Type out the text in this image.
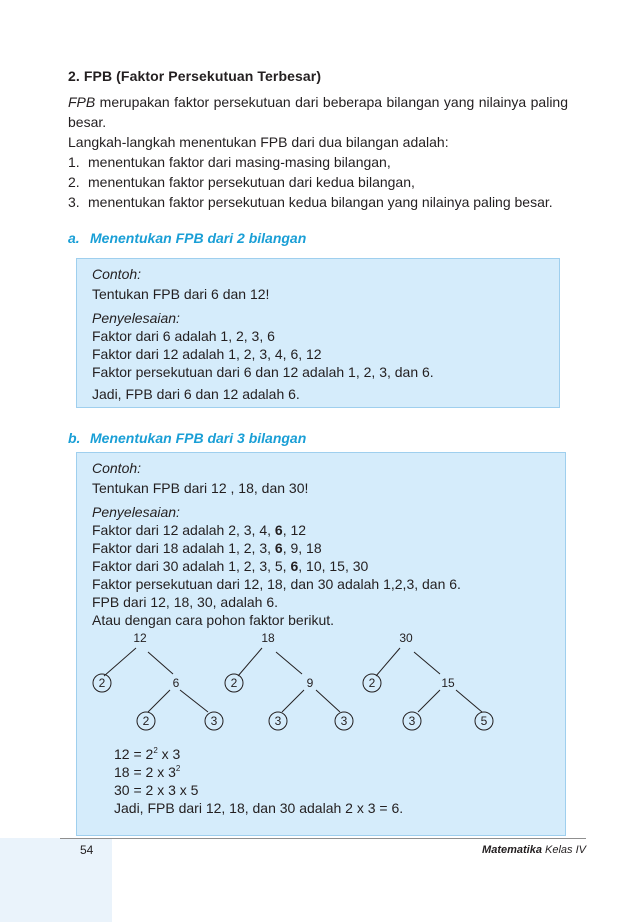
2. FPB (Faktor Persekutuan Terbesar)

FPB merupakan faktor persekutuan dari beberapa bilangan yang nilainya paling besar.

Langkah-langkah menentukan FPB dari dua bilangan adalah:

1. menentukan faktor dari masing-masing bilangan,
2. menentukan faktor persekutuan dari kedua bilangan,
3. menentukan faktor persekutuan kedua bilangan yang nilainya paling besar.
a. Menentukan FPB dari 2 bilangan
Contoh:
Tentukan FPB dari 6 dan 12!
Penyelesaian:
Faktor dari 6 adalah 1, 2, 3, 6
Faktor dari 12 adalah 1, 2, 3, 4, 6, 12
Faktor persekutuan dari 6 dan 12 adalah 1, 2, 3, dan 6.
Jadi, FPB dari 6 dan 12 adalah 6.
b. Menentukan FPB dari 3 bilangan
Contoh:
Tentukan FPB dari 12 , 18, dan 30!
Penyelesaian:
Faktor dari 12 adalah 2, 3, 4, 6, 12
Faktor dari 18 adalah 1, 2, 3, 6, 9, 18
Faktor dari 30 adalah 1, 2, 3, 5, 6, 10, 15, 30
Faktor persekutuan dari 12, 18, dan 30 adalah 1,2,3, dan 6.
FPB dari 12, 18, 30, adalah 6.
Atau dengan cara pohon faktor berikut.
12
2	6
2	3
18
2	9
3	3
30
2	15
3	5
$12 = 2^2$ x 3
18 = 2 x $3^2$
30 = 2 x 3 x 5
Jadi, FPB dari 12, 18, dan 30 adalah 2 x 3 = 6.
54	Matematika Kelas IV
